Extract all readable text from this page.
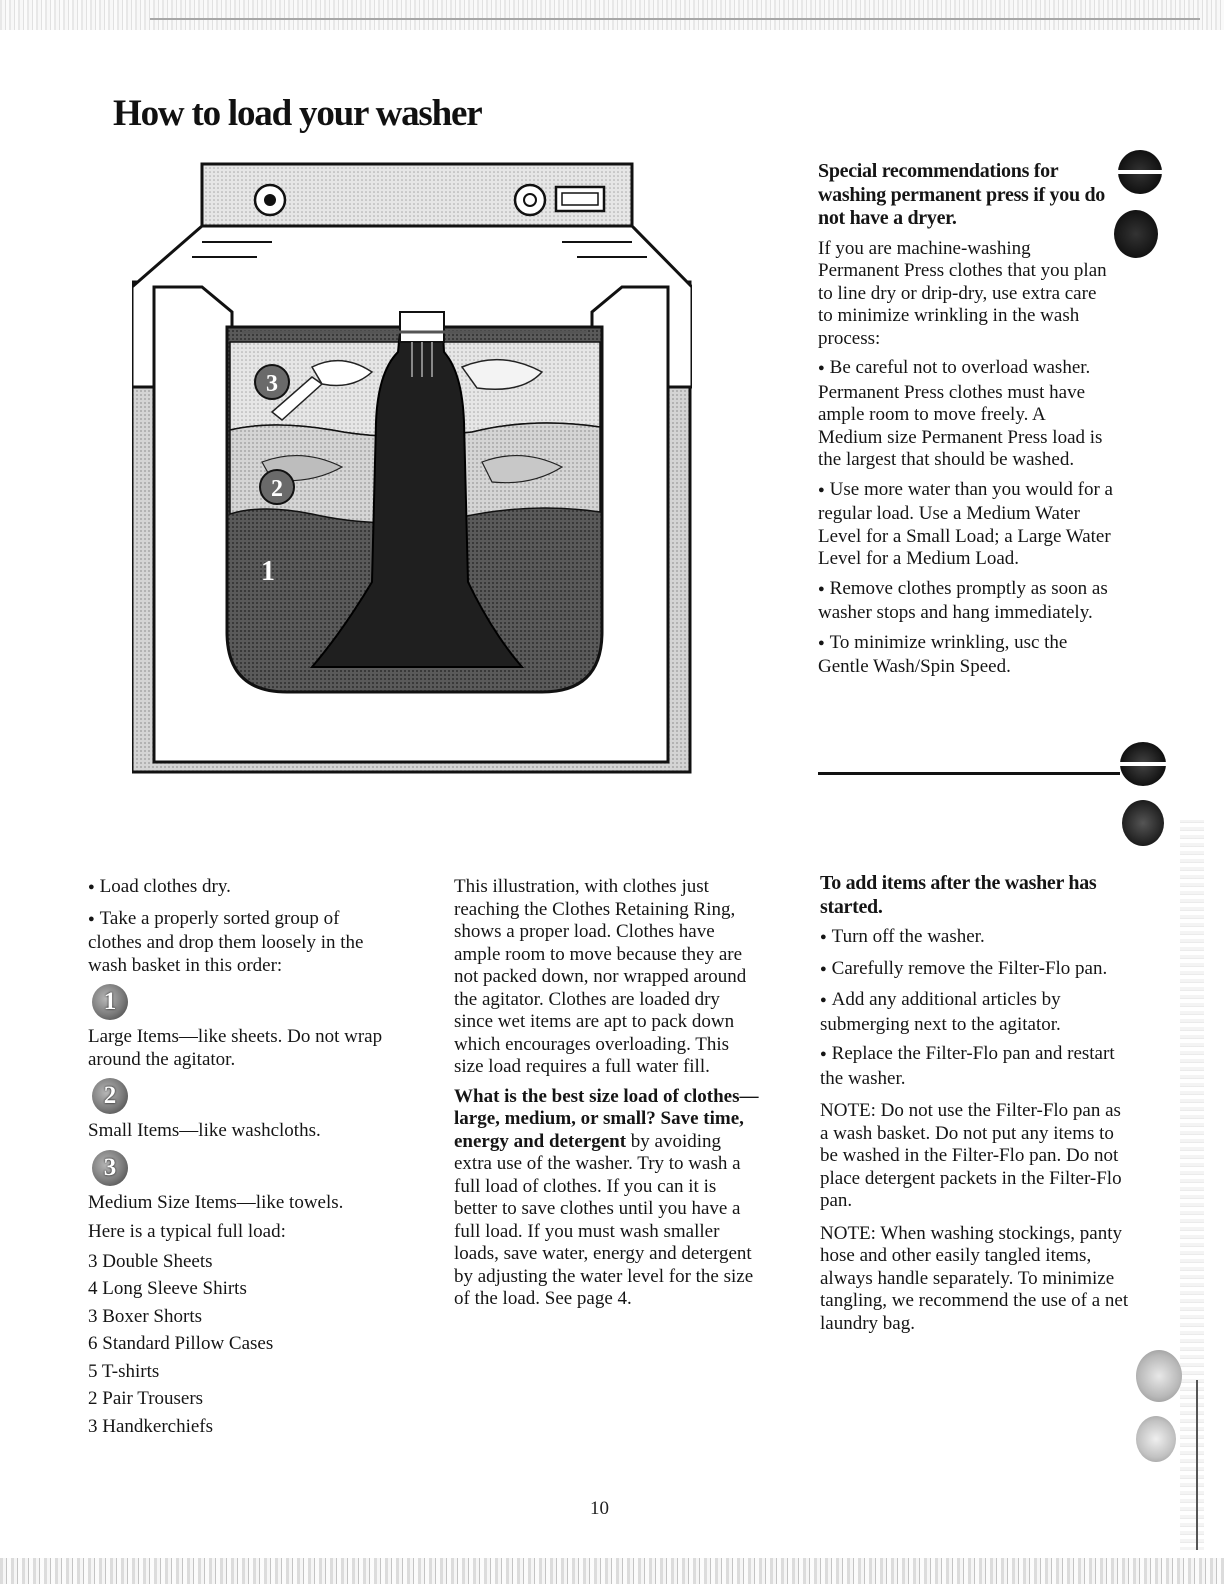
How to load your washer
3
2
1

Special recommendations for washing permanent press if you do not have a dryer.

If you are machine-washing Permanent Press clothes that you plan to line dry or drip-dry, use extra care to minimize wrinkling in the wash process:

● Be careful not to overload washer. Permanent Press clothes must have ample room to move freely. A Medium size Permanent Press load is the largest that should be washed.

● Use more water than you would for a regular load. Use a Medium Water Level for a Small Load; a Large Water Level for a Medium Load.

● Remove clothes promptly as soon as washer stops and hang immediately.

● To minimize wrinkling, usc the Gentle Wash/Spin Speed.

● Load clothes dry.

● Take a properly sorted group of clothes and drop them loosely in the wash basket in this order:

1

Large Items—like sheets. Do not wrap around the agitator.

2

Small Items—like washcloths.

3

Medium Size Items—like towels.

Here is a typical full load:

3 Double Sheets
4 Long Sleeve Shirts
3 Boxer Shorts
6 Standard Pillow Cases
5 T-shirts
2 Pair Trousers
3 Handkerchiefs

This illustration, with clothes just reaching the Clothes Retaining Ring, shows a proper load. Clothes have ample room to move because they are not packed down, nor wrapped around the agitator. Clothes are loaded dry since wet items are apt to pack down which encourages overloading. This size load requires a full water fill.

What is the best size load of clothes—large, medium, or small? Save time, energy and detergent by avoiding extra use of the washer. Try to wash a full load of clothes. If you can it is better to save clothes until you have a full load. If you must wash smaller loads, save water, energy and detergent by adjusting the water level for the size of the load. See page 4.

To add items after the washer has started.

● Turn off the washer.

● Carefully remove the Filter-Flo pan.

● Add any additional articles by submerging next to the agitator.

● Replace the Filter-Flo pan and restart the washer.

NOTE: Do not use the Filter-Flo pan as a wash basket. Do not put any items to be washed in the Filter-Flo pan. Do not place detergent packets in the Filter-Flo pan.

NOTE: When washing stockings, panty hose and other easily tangled items, always handle separately. To minimize tangling, we recommend the use of a net laundry bag.

10
